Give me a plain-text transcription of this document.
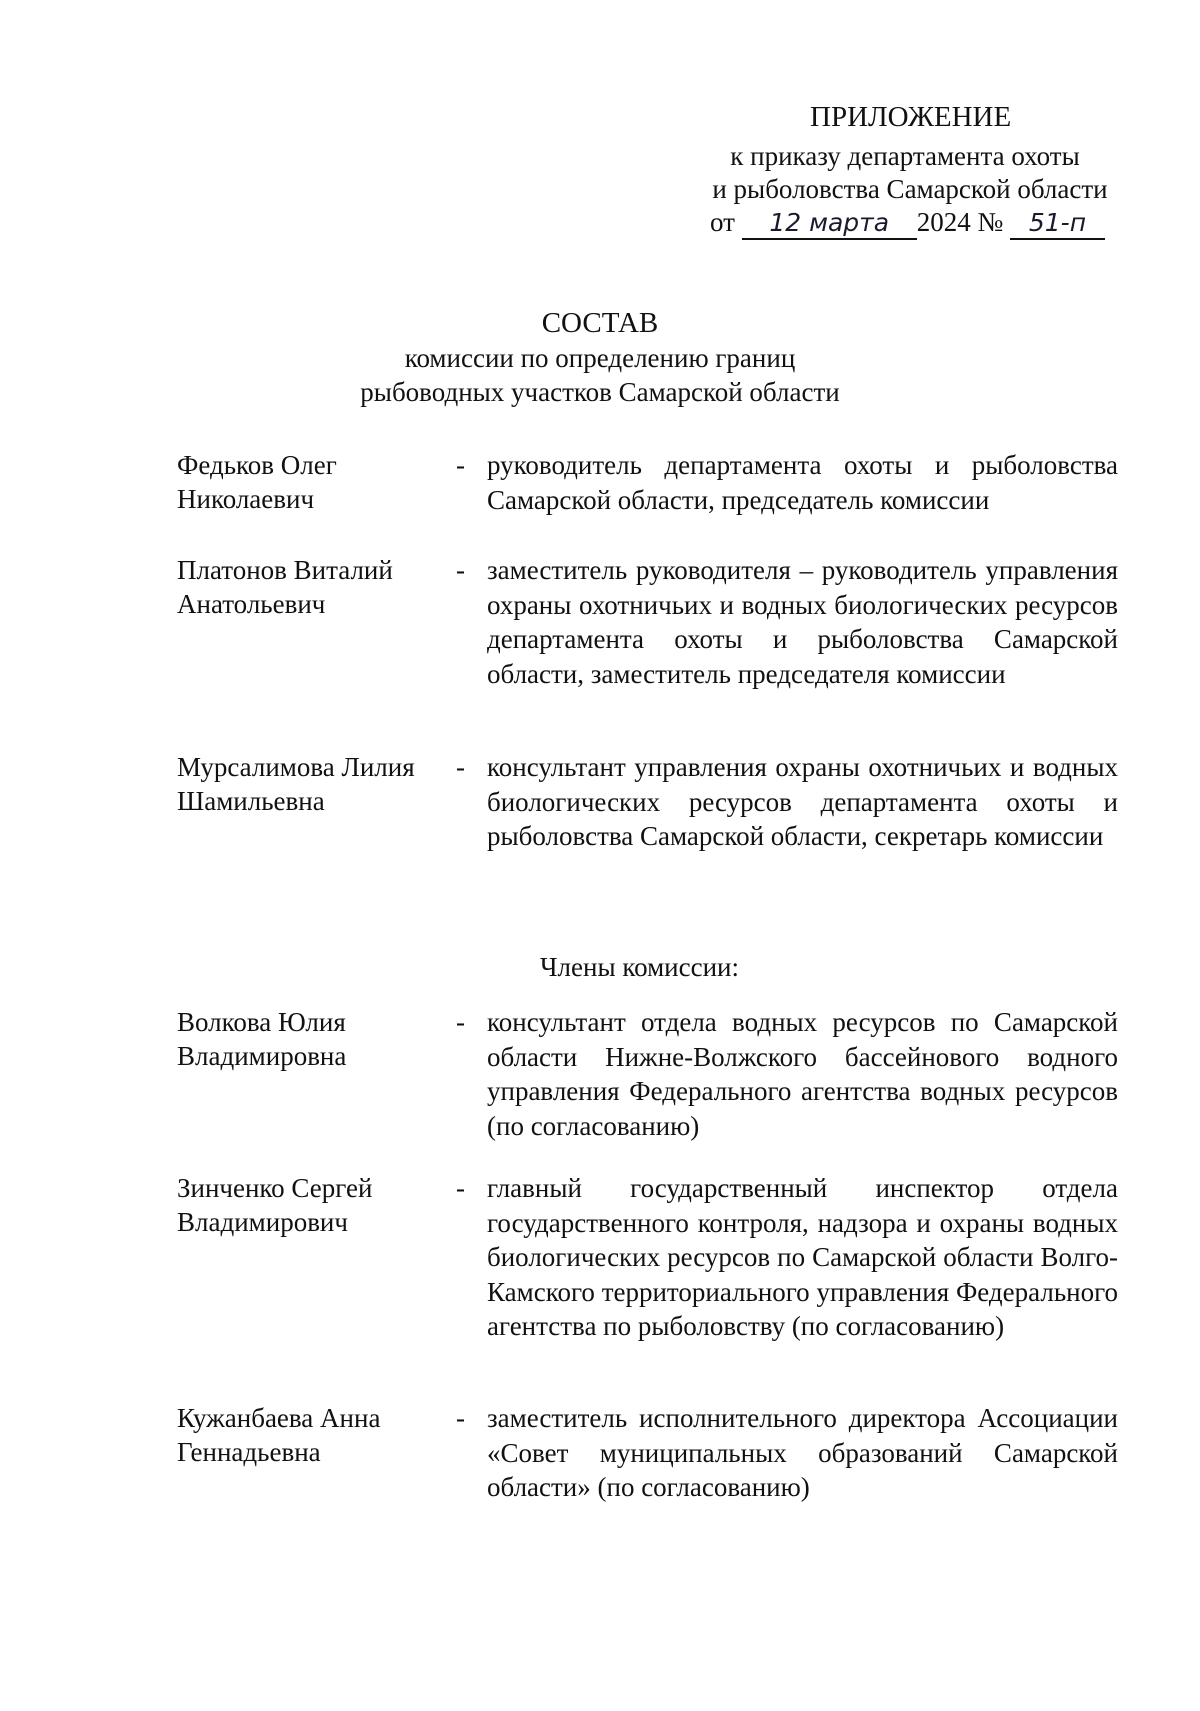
ПРИЛОЖЕНИЕ
к приказу департамента охоты
и рыболовства Самарской области
от 12 марта 2024 № 51-п
СОСТАВ
комиссии по определению границ
рыбоводных участков Самарской области
Федьков Олег
Николаевич
- руководитель департамента охоты и рыболовства Самарской области, председатель комиссии
Платонов Виталий
Анатольевич
- заместитель руководителя – руководитель управления охраны охотничьих и водных биологических ресурсов департамента охоты и рыболовства Самарской области, заместитель председателя комиссии
Мурсалимова Лилия
Шамильевна
- консультант управления охраны охотничьих и водных биологических ресурсов департамента охоты и рыболовства Самарской области, секретарь комиссии
Члены комиссии:
Волкова Юлия
Владимировна
- консультант отдела водных ресурсов по Самарской области Нижне-Волжского бассейнового водного управления Федерального агентства водных ресурсов (по согласованию)
Зинченко Сергей
Владимирович
- главный государственный инспектор отдела государственного контроля, надзора и охраны водных биологических ресурсов по Самарской области Волго-Камского территориального управления Федерального агентства по рыболовству (по согласованию)
Кужанбаева Анна
Геннадьевна
- заместитель исполнительного директора Ассоциации «Совет муниципальных образований Самарской области» (по согласованию)
